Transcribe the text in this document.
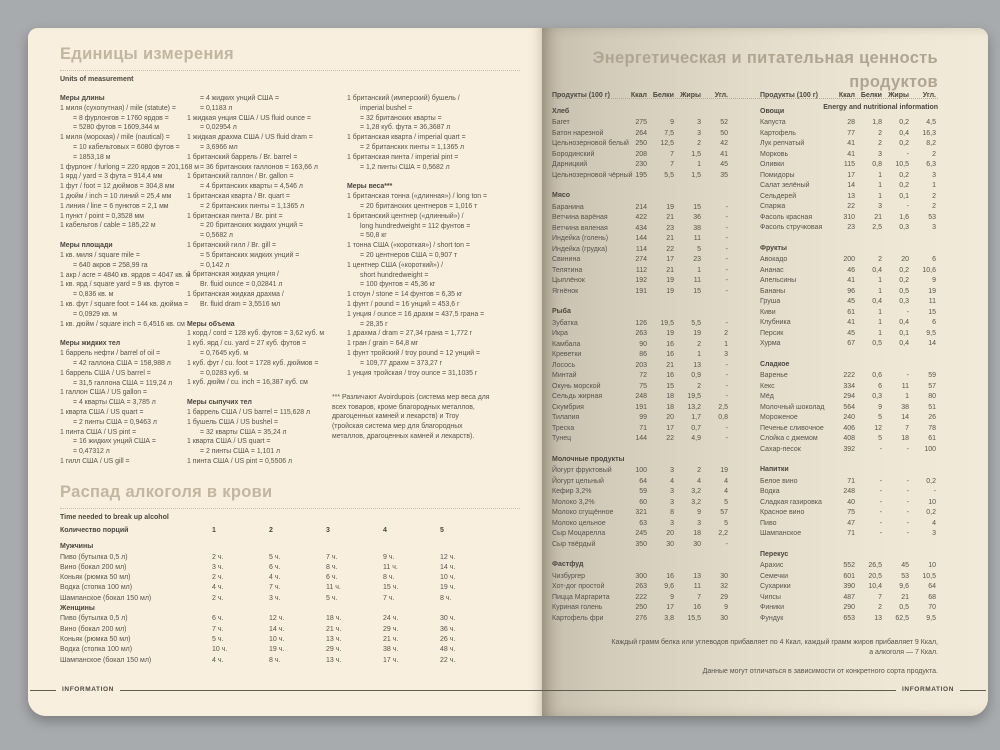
Единицы измерения
Units of measurement
Меры длины
1 миля (сухопутная) / mile (statute) =
= 8 фурлонгов = 1760 ярдов =
= 5280 футов = 1609,344 м
1 миля (морская) / mile (nautical) =
= 10 кабельтовых = 6080 футов =
= 1853,18 м
1 фурлонг / furlong = 220 ярдов = 201,168 м
1 ярд / yard = 3 фута = 914,4 мм
1 фут / foot = 12 дюймов = 304,8 мм
1 дюйм / inch = 10 линий = 25,4 мм
1 линия / line = 6 пунктов = 2,1 мм
1 пункт / point = 0,3528 мм
1 кабельтов / cable = 185,22 м
Меры площади
1 кв. миля / square mile =
= 640 акров = 258,99 га
1 акр / acre = 4840 кв. ярдов = 4047 кв. м
1 кв. ярд / square yard = 9 кв. футов =
= 0,836 кв. м
1 кв. фут / square foot = 144 кв. дюйма =
= 0,0929 кв. м
1 кв. дюйм / square inch = 6,4516 кв. см
Меры жидких тел
1 баррель нефти / barrel of oil =
= 42 галлона США = 158,988 л
1 баррель США / US barrel =
= 31,5 галлона США = 119,24 л
1 галлон США / US gallon =
= 4 кварты США = 3,785 л
1 кварта США / US quart =
= 2 пинты США = 0,9463 л
1 пинта США / US pint =
= 16 жидких унций США =
= 0,47312 л
1 гилл США / US gill =
= 4 жидких унций США =
= 0,1183 л
1 жидкая унция США / US fluid ounce =
= 0,02954 л
1 жидкая драхма США / US fluid dram =
= 3,6966 мл
1 британский баррель / Br. barrel =
= 36 британских галлонов = 163,66 л
1 британский галлон / Br. gallon =
= 4 британских кварты = 4,546 л
1 британская кварта / Br. quart =
= 2 британских пинты = 1,1365 л
1 британская пинта / Br. pint =
= 20 британских жидких унций =
= 0,5682 л
1 британский гилл / Br. gill =
= 5 британских жидких унций =
= 0,142 л
1 британская жидкая унция /
Br. fluid ounce = 0,02841 л
1 британская жидкая драхма /
Br. fluid dram = 3,5516 мл
Меры объема
1 корд / cord = 128 куб. футов = 3,62 куб. м
1 куб. ярд / cu. yard = 27 куб. футов =
= 0,7645 куб. м
1 куб. фут / cu. foot = 1728 куб. дюймов =
= 0,0283 куб. м
1 куб. дюйм / cu. inch = 16,387 куб. см
Меры сыпучих тел
1 баррель США / US barrel = 115,628 л
1 бушель США / US bushel =
= 32 кварты США = 35,24 л
1 кварта США / US quart =
= 2 пинты США = 1,101 л
1 пинта США / US pint = 0,5506 л
1 британский (имперский) бушель /
imperial bushel =
= 32 британских кварты =
= 1,28 куб. фута = 36,3687 л
1 британская кварта / imperial quart =
= 2 британских пинты = 1,1365 л
1 британская пинта / imperial pint =
= 1,2 пинты США = 0,5682 л
Меры веса***
1 британская тонна («длинная») / long ton =
= 20 британских центнеров = 1,016 т
1 британский центнер («длинный») /
long hundredweight = 112 фунтов =
= 50,8 кг
1 тонна США («короткая») / short ton =
= 20 центнеров США = 0,907 т
1 центнер США («короткий») /
short hundredweight =
= 100 фунтов = 45,36 кг
1 стоун / stone = 14 фунтов = 6,35 кг
1 фунт / pound = 16 унций = 453,6 г
1 унция / ounce = 16 драхм = 437,5 грана =
= 28,35 г
1 драхма / dram = 27,34 грана = 1,772 г
1 гран / grain = 64,8 мг
1 фунт тройский / troy pound = 12 унций =
= 109,77 драхм = 373,27 г
1 унция тройская / troy ounce = 31,1035 г

*** Различают Avoirdupois (система мер веса для всех товаров, кроме благородных металлов, драгоценных камней и лекарств) и Troy (тройская система мер для благородных металлов, драгоценных камней и лекарств).

Распад алкоголя в крови
Time needed to break up alcohol
Количество порций	1	2	3	4	5
Мужчины
Пиво (бутылка 0,5 л)	2 ч.	5 ч.	7 ч.	9 ч.	12 ч.
Вино (бокал 200 мл)	3 ч.	6 ч.	8 ч.	11 ч.	14 ч.
Коньяк (рюмка 50 мл)	2 ч.	4 ч.	6 ч.	8 ч.	10 ч.
Водка (стопка 100 мл)	4 ч.	7 ч.	11 ч.	15 ч.	19 ч.
Шампанское (бокал 150 мл)	2 ч.	3 ч.	5 ч.	7 ч.	8 ч.
Женщины
Пиво (бутылка 0,5 л)	6 ч.	12 ч.	18 ч.	24 ч.	30 ч.
Вино (бокал 200 мл)	7 ч.	14 ч.	21 ч.	29 ч.	36 ч.
Коньяк (рюмка 50 мл)	5 ч.	10 ч.	13 ч.	21 ч.	26 ч.
Водка (стопка 100 мл)	10 ч.	19 ч.	29 ч.	38 ч.	48 ч.
Шампанское (бокал 150 мл)	4 ч.	8 ч.	13 ч.	17 ч.	22 ч.
INFORMATION
Энергетическая и питательная ценность продуктов
Energy and nutritional information
Продукты (100 г)	Ккал Белки Жиры	Угл.
Хлеб
Багет	275	9	3	52
Батон нарезной	264	7,5	3	50
Цельнозерновой белый 250	12,5	2	42
Бородинский	208	7	1,5	41
Дарницкий	230	7	1	45
Цельнозерновой чёрный 195	5,5	1,5	35
Мясо
Баранина	214	19	15	-
Ветчина варёная	422	21	36	-
Ветчина вяленая	434	23	38	-
Индейка (голень)	144	21	11	-
Индейка (грудка)	114	22	5	-
Свинина	274	17	23	-
Телятина	112	21	1	-
Цыплёнок	192	19	11	-
Ягнёнок	191	19	15	-
Рыба
Зубатка	126	19,5	5,5	-
Икра	263	19	19	2
Камбала	90	16	2	1
Креветки	86	16	1	3
Лосось	203	21	13	-
Минтай	72	16	0,9	-
Окунь морской	75	15	2	-
Сельдь жирная	248	18	19,5	-
Скумбрия	191	18	13,2	2,5
Тилапия	99	20	1,7	0,8
Треска	71	17	0,7	-
Тунец	144	22	4,9	-
Молочные продукты
Йогурт фруктовый	100	3	2	19
Йогурт цельный	64	4	4	4
Кефир 3,2%	59	3	3,2	4
Молоко 3,2%	60	3	3,2	5
Молоко сгущённое	321	8	9	57
Молоко цельное	63	3	3	5
Сыр Моцарелла	245	20	18	2,2
Сыр твёрдый	350	30	30	-
Фастфуд
Чизбургер	300	16	13	30
Хот-дог простой	263	9,6	11	32
Пицца Маргарита	222	9	7	29
Куриная голень	250	17	16	9
Картофель фри	276	3,8	15,5	30
Продукты (100 г)	Ккал Белки Жиры	Угл.
Овощи
Капуста	28	1,8	0,2	4,5
Картофель	77	2	0,4	16,3
Лук репчатый	41	2	0,2	8,2
Морковь	41	3	-	2
Оливки	115	0,8	10,5	6,3
Помидоры	17	1	0,2	3
Салат зелёный	14	1	0,2	1
Сельдерей	13	1	0,1	2
Спаржа	22	3	-	2
Фасоль красная	310	21	1,6	53
Фасоль стручковая	23	2,5	0,3	3
Фрукты
Авокадо	200	2	20	6
Ананас	46	0,4	0,2	10,6
Апельсины	41	1	0,2	9
Бананы	96	1	0,5	19
Груша	45	0,4	0,3	11
Киви	61	1	-	15
Клубника	41	1	0,4	6
Персик	45	1	0,1	9,5
Хурма	67	0,5	0,4	14
Сладкое
Варенье	222	0,6	-	59
Кекс	334	6	11	57
Мёд	294	0,3	1	80
Молочный шоколад	564	9	38	51
Мороженое	240	5	14	26
Печенье сливочное	406	12	7	78
Слойка с джемом	408	5	18	61
Сахар-песок	392	-	-	100
Напитки
Белое вино	71	-	-	0,2
Водка	248	-	-	-
Сладкая газировка	40	-	-	10
Красное вино	75	-	-	0,2
Пиво	47	-	-	4
Шампанское	71	-	-	3
Перекус
Арахис	552	26,5	45	10
Семечки	601	20,5	53	10,5
Сухарики	390	10,4	9,6	64
Чипсы	487	7	21	68
Финики	290	2	0,5	70
Фундук	653	13	62,5	9,5
Каждый грамм белка или углеводов прибавляет по 4 Ккал, каждый грамм жиров прибавляет 9 Ккал, а алкоголя — 7 Ккал.
Данные могут отличаться в зависимости от конкретного сорта продукта.
INFORMATION
